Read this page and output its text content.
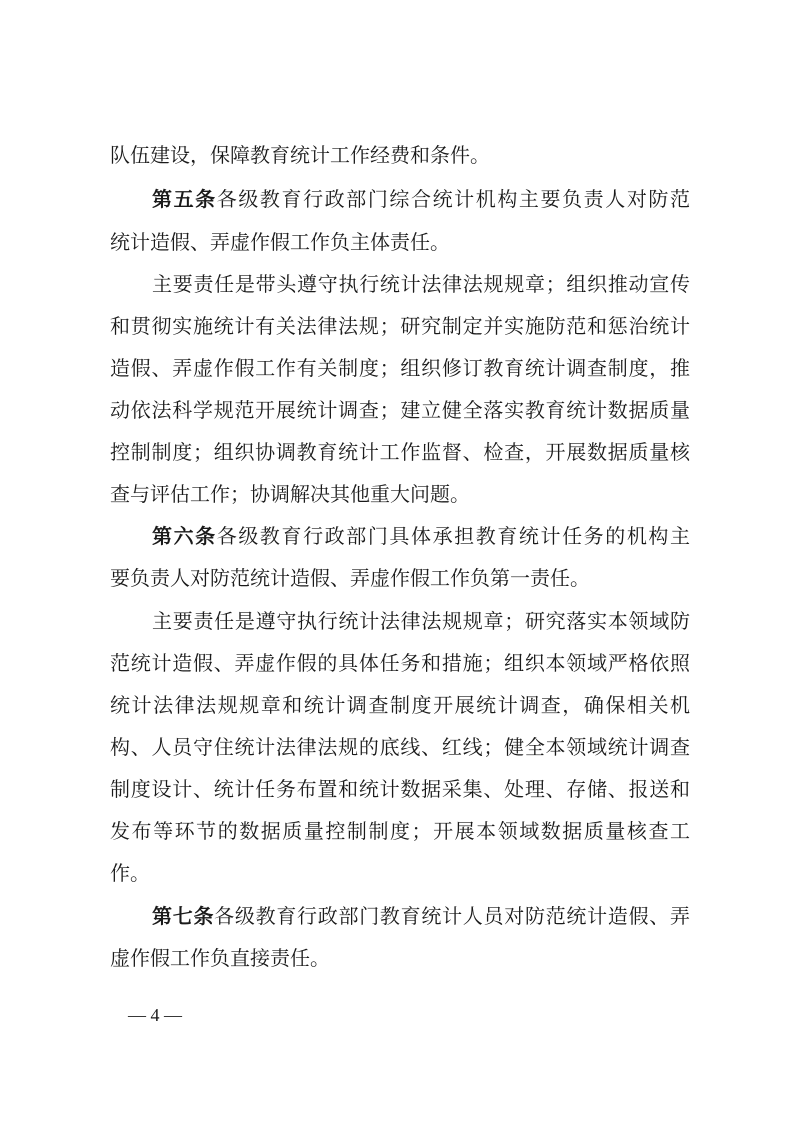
队伍建设，保障教育统计工作经费和条件。
第五条各级教育行政部门综合统计机构主要负责人对防范
统计造假、弄虚作假工作负主体责任。
主要责任是带头遵守执行统计法律法规规章；组织推动宣传
和贯彻实施统计有关法律法规；研究制定并实施防范和惩治统计
造假、弄虚作假工作有关制度；组织修订教育统计调查制度，推
动依法科学规范开展统计调查；建立健全落实教育统计数据质量
控制制度；组织协调教育统计工作监督、检查，开展数据质量核
查与评估工作；协调解决其他重大问题。
第六条各级教育行政部门具体承担教育统计任务的机构主
要负责人对防范统计造假、弄虚作假工作负第一责任。
主要责任是遵守执行统计法律法规规章；研究落实本领域防
范统计造假、弄虚作假的具体任务和措施；组织本领域严格依照
统计法律法规规章和统计调查制度开展统计调查，确保相关机
构、人员守住统计法律法规的底线、红线；健全本领域统计调查
制度设计、统计任务布置和统计数据采集、处理、存储、报送和
发布等环节的数据质量控制制度；开展本领域数据质量核查工
作。
第七条各级教育行政部门教育统计人员对防范统计造假、弄
虚作假工作负直接责任。
— 4 —
